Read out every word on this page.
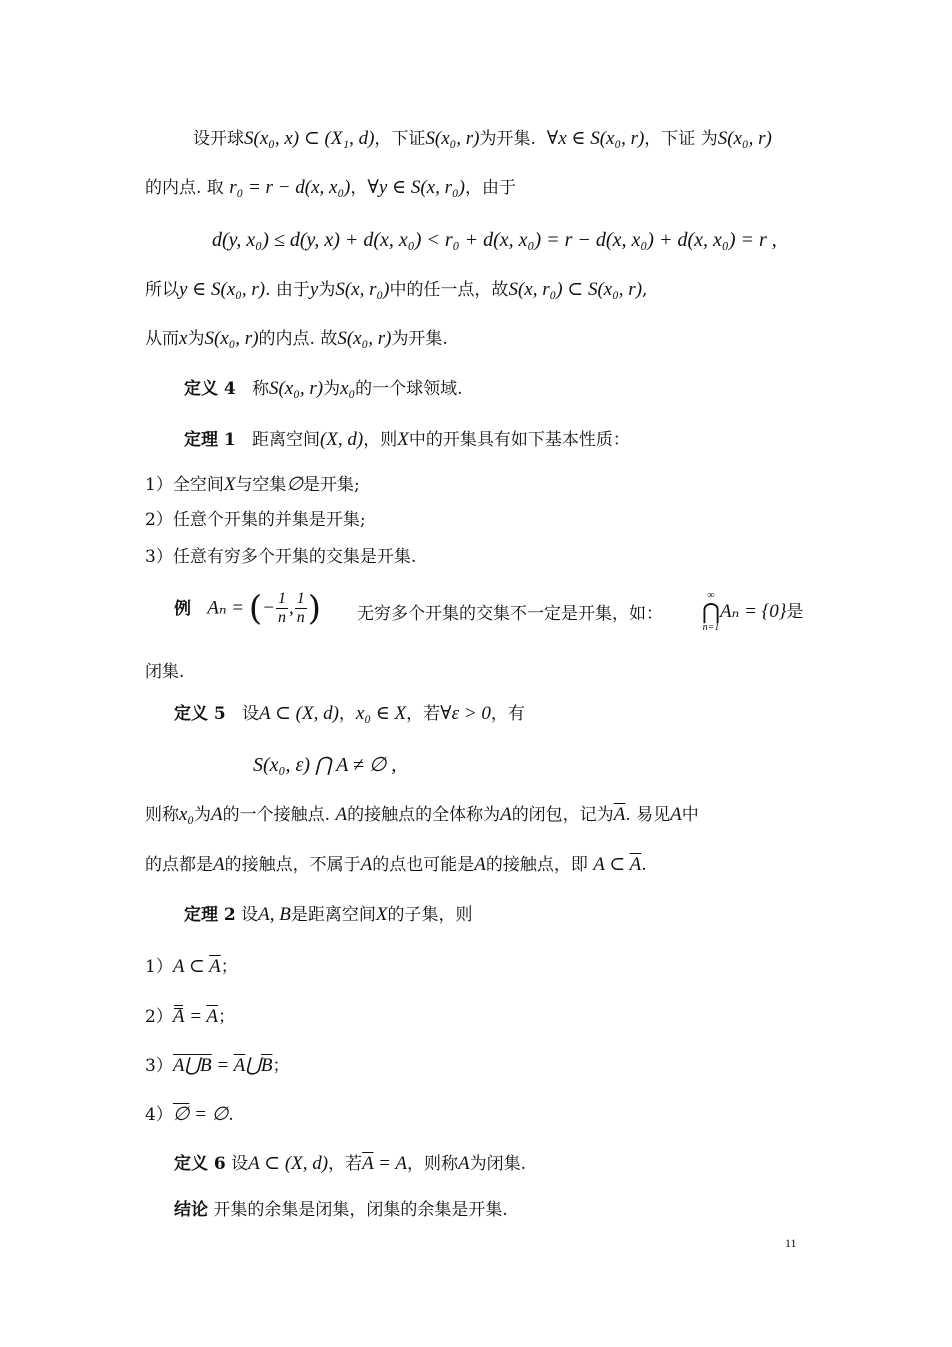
设开球S(x₀, x) ⊂ (X₁, d)，下证S(x₀, r)为开集. ∀x ∈ S(x₀, r)，下证 为S(x₀, r)
的内点. 取 r₀ = r − d(x, x₀)，∀y ∈ S(x, r₀)，由于
d(y, x₀) ≤ d(y, x) + d(x, x₀) < r₀ + d(x, x₀) = r − d(x, x₀) + d(x, x₀) = r ,
所以y ∈ S(x₀, r). 由于y为S(x, r₀)中的任一点，故S(x, r₀) ⊂ S(x₀, r),
从而x为S(x₀, r)的内点. 故S(x₀, r)为开集.
定义 4 称S(x₀, r)为x₀的一个球领域.
定理 1 距离空间(X, d)，则X中的开集具有如下基本性质：
1）全空间X与空集∅是开集;
2）任意个开集的并集是开集;
3）任意有穷多个开集的交集是开集.
例 Aₙ = (− $\frac{1}{n}$ , $\frac{1}{n}$ ) 无穷多个开集的交集不一定是开集，如：
∞
⋂
n=1
Aₙ = {0}是
闭集.
定义 5 设A ⊂ (X, d)，x₀ ∈ X，若∀ε > 0，有
S(x₀, ε) ⋂ A ≠ ∅ ,
则称x₀为A的一个接触点. A的接触点的全体称为A的闭包，记为$\overline{A}$. 易见A中
的点都是A的接触点，不属于A的点也可能是A的接触点，即 A ⊂ $\overline{A}$.
定理 2 设A, B是距离空间X的子集，则
1）A ⊂ $\overline{A}$；
$2)A = \overline{A}$；
3）A⋃B = $\overline{A}⋃\overline{B}$；
4）∅ = ∅.
定义 6 设A ⊂ (X, d)，若$\overline{A} = A$，则称A为闭集.
结论 开集的余集是闭集，闭集的余集是开集.
11
